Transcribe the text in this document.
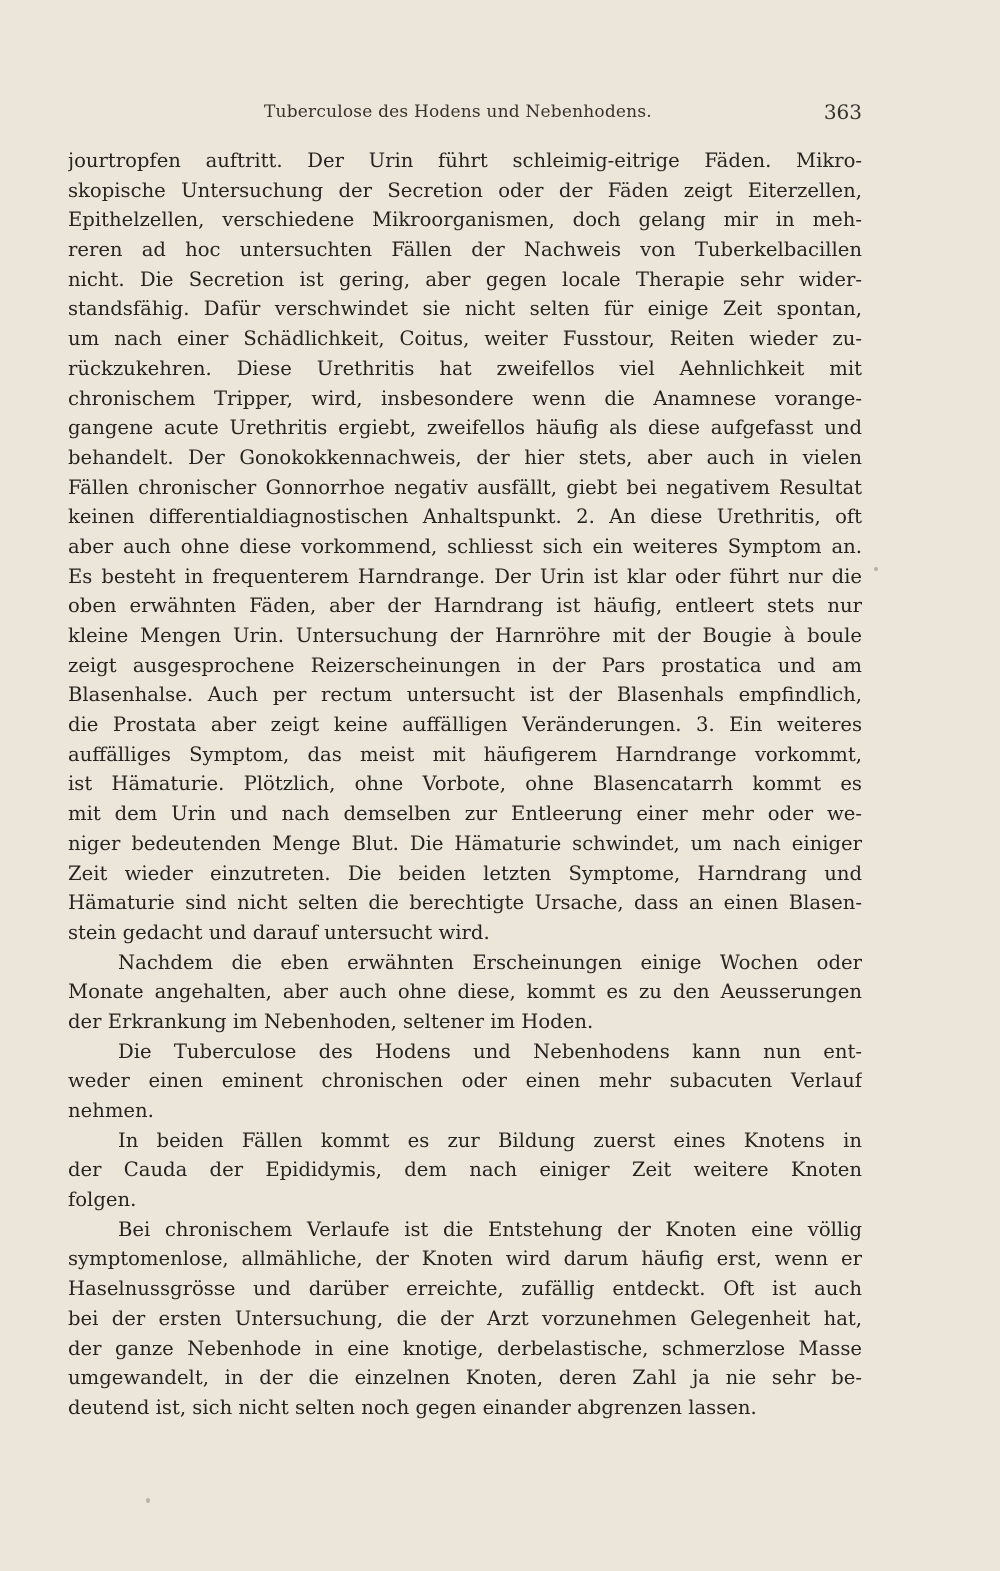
Tuberculose des Hodens und Nebenhodens.	363
jourtropfen auftritt. Der Urin führt schleimig-eitrige Fäden. Mikro-
skopische Untersuchung der Secretion oder der Fäden zeigt Eiterzellen,
Epithelzellen, verschiedene Mikroorganismen, doch gelang mir in meh-
reren ad hoc untersuchten Fällen der Nachweis von Tuberkelbacillen
nicht. Die Secretion ist gering, aber gegen locale Therapie sehr wider-
standsfähig. Dafür verschwindet sie nicht selten für einige Zeit spontan,
um nach einer Schädlichkeit, Coitus, weiter Fusstour, Reiten wieder zu-
rückzukehren. Diese Urethritis hat zweifellos viel Aehnlichkeit mit
chronischem Tripper, wird, insbesondere wenn die Anamnese vorange-
gangene acute Urethritis ergiebt, zweifellos häufig als diese aufgefasst und
behandelt. Der Gonokokkennachweis, der hier stets, aber auch in vielen
Fällen chronischer Gonnorrhoe negativ ausfällt, giebt bei negativem Resultat
keinen differentialdiagnostischen Anhaltspunkt. 2. An diese Urethritis, oft
aber auch ohne diese vorkommend, schliesst sich ein weiteres Symptom an.
Es besteht in frequenterem Harndrange. Der Urin ist klar oder führt nur die
oben erwähnten Fäden, aber der Harndrang ist häufig, entleert stets nur
kleine Mengen Urin. Untersuchung der Harnröhre mit der Bougie à boule
zeigt ausgesprochene Reizerscheinungen in der Pars prostatica und am
Blasenhalse. Auch per rectum untersucht ist der Blasenhals empfindlich,
die Prostata aber zeigt keine auffälligen Veränderungen. 3. Ein weiteres
auffälliges Symptom, das meist mit häufigerem Harndrange vorkommt,
ist Hämaturie. Plötzlich, ohne Vorbote, ohne Blasencatarrh kommt es
mit dem Urin und nach demselben zur Entleerung einer mehr oder we-
niger bedeutenden Menge Blut. Die Hämaturie schwindet, um nach einiger
Zeit wieder einzutreten. Die beiden letzten Symptome, Harndrang und
Hämaturie sind nicht selten die berechtigte Ursache, dass an einen Blasen-
stein gedacht und darauf untersucht wird.
Nachdem die eben erwähnten Erscheinungen einige Wochen oder
Monate angehalten, aber auch ohne diese, kommt es zu den Aeusserungen
der Erkrankung im Nebenhoden, seltener im Hoden.
Die Tuberculose des Hodens und Nebenhodens kann nun ent-
weder einen eminent chronischen oder einen mehr subacuten Verlauf
nehmen.
In beiden Fällen kommt es zur Bildung zuerst eines Knotens in
der Cauda der Epididymis, dem nach einiger Zeit weitere Knoten
folgen.
Bei chronischem Verlaufe ist die Entstehung der Knoten eine völlig
symptomenlose, allmähliche, der Knoten wird darum häufig erst, wenn er
Haselnussgrösse und darüber erreichte, zufällig entdeckt. Oft ist auch
bei der ersten Untersuchung, die der Arzt vorzunehmen Gelegenheit hat,
der ganze Nebenhode in eine knotige, derbelastische, schmerzlose Masse
umgewandelt, in der die einzelnen Knoten, deren Zahl ja nie sehr be-
deutend ist, sich nicht selten noch gegen einander abgrenzen lassen.
